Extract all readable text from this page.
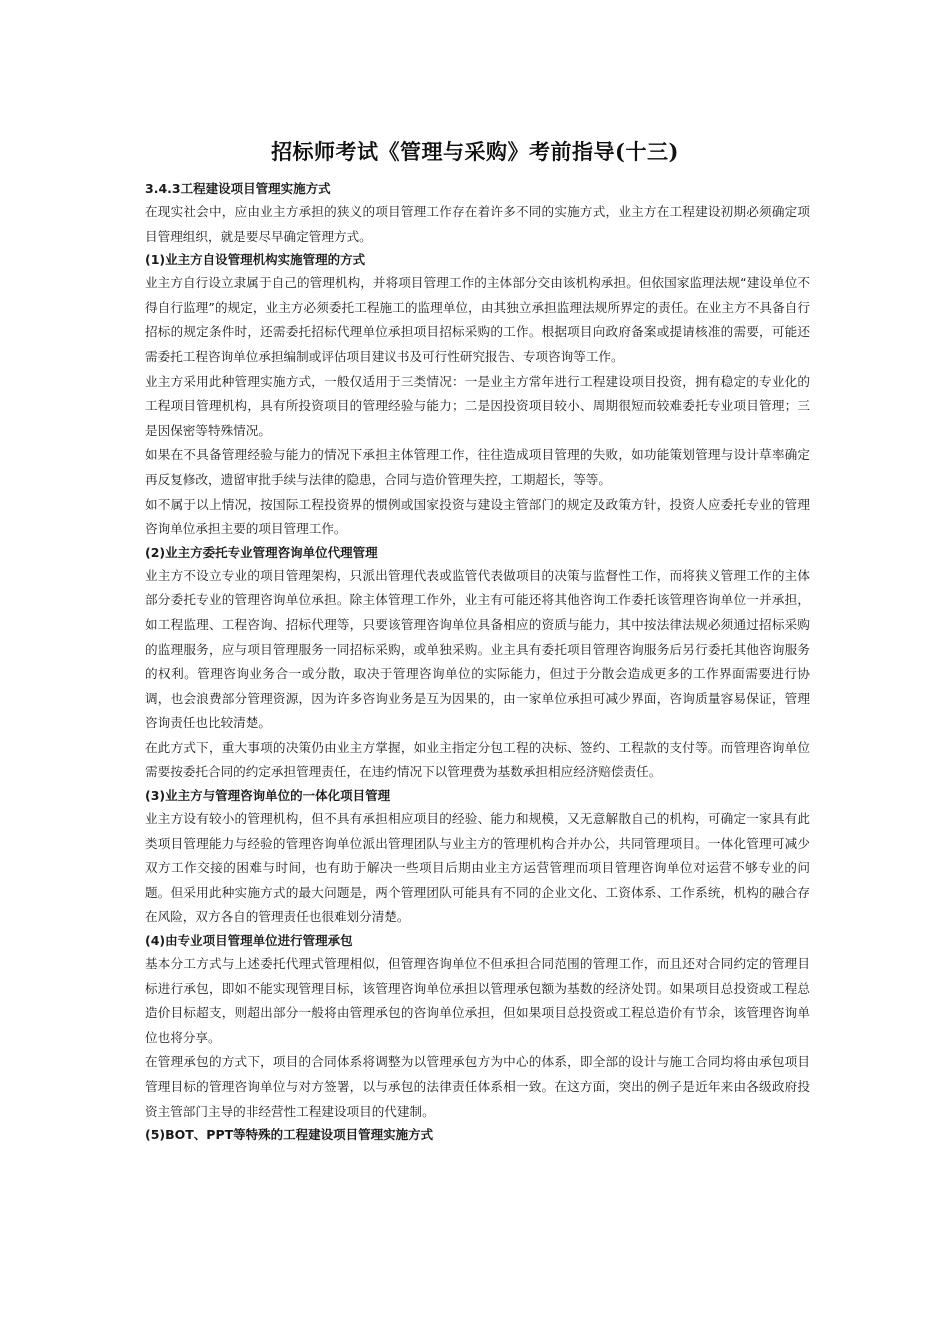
招标师考试《管理与采购》考前指导(十三)

3.4.3工程建设项目管理实施方式

在现实社会中，应由业主方承担的狭义的项目管理工作存在着许多不同的实施方式，业主方在工程建设初期必须确定项目管理组织，就是要尽早确定管理方式。

(1)业主方自设管理机构实施管理的方式

业主方自行设立隶属于自己的管理机构，并将项目管理工作的主体部分交由该机构承担。但依国家监理法规“建设单位不得自行监理”的规定，业主方必须委托工程施工的监理单位，由其独立承担监理法规所界定的责任。在业主方不具备自行招标的规定条件时，还需委托招标代理单位承担项目招标采购的工作。根据项目向政府备案或提请核准的需要，可能还需委托工程咨询单位承担编制或评估项目建议书及可行性研究报告、专项咨询等工作。

业主方采用此种管理实施方式，一般仅适用于三类情况：一是业主方常年进行工程建设项目投资，拥有稳定的专业化的工程项目管理机构，具有所投资项目的管理经验与能力；二是因投资项目较小、周期很短而较难委托专业项目管理；三是因保密等特殊情况。

如果在不具备管理经验与能力的情况下承担主体管理工作，往往造成项目管理的失败，如功能策划管理与设计草率确定再反复修改，遗留审批手续与法律的隐患，合同与造价管理失控，工期超长，等等。

如不属于以上情况，按国际工程投资界的惯例或国家投资与建设主管部门的规定及政策方针，投资人应委托专业的管理咨询单位承担主要的项目管理工作。

(2)业主方委托专业管理咨询单位代理管理

业主方不设立专业的项目管理架构，只派出管理代表或监管代表做项目的决策与监督性工作，而将狭义管理工作的主体部分委托专业的管理咨询单位承担。除主体管理工作外，业主有可能还将其他咨询工作委托该管理咨询单位一并承担，如工程监理、工程咨询、招标代理等，只要该管理咨询单位具备相应的资质与能力，其中按法律法规必须通过招标采购的监理服务，应与项目管理服务一同招标采购，或单独采购。业主具有委托项目管理咨询服务后另行委托其他咨询服务的权利。管理咨询业务合一或分散，取决于管理咨询单位的实际能力，但过于分散会造成更多的工作界面需要进行协调，也会浪费部分管理资源，因为许多咨询业务是互为因果的，由一家单位承担可减少界面，咨询质量容易保证，管理咨询责任也比较清楚。

在此方式下，重大事项的决策仍由业主方掌握，如业主指定分包工程的决标、签约、工程款的支付等。而管理咨询单位需要按委托合同的约定承担管理责任，在违约情况下以管理费为基数承担相应经济赔偿责任。

(3)业主方与管理咨询单位的一体化项目管理

业主方设有较小的管理机构，但不具有承担相应项目的经验、能力和规模，又无意解散自己的机构，可确定一家具有此类项目管理能力与经验的管理咨询单位派出管理团队与业主方的管理机构合并办公，共同管理项目。一体化管理可减少双方工作交接的困难与时间，也有助于解决一些项目后期由业主方运营管理而项目管理咨询单位对运营不够专业的问题。但采用此种实施方式的最大问题是，两个管理团队可能具有不同的企业文化、工资体系、工作系统，机构的融合存在风险，双方各自的管理责任也很难划分清楚。

(4)由专业项目管理单位进行管理承包

基本分工方式与上述委托代理式管理相似，但管理咨询单位不但承担合同范围的管理工作，而且还对合同约定的管理目标进行承包，即如不能实现管理目标，该管理咨询单位承担以管理承包额为基数的经济处罚。如果项目总投资或工程总造价目标超支，则超出部分一般将由管理承包的咨询单位承担，但如果项目总投资或工程总造价有节余，该管理咨询单位也将分享。

在管理承包的方式下，项目的合同体系将调整为以管理承包方为中心的体系，即全部的设计与施工合同均将由承包项目管理目标的管理咨询单位与对方签署，以与承包的法律责任体系相一致。在这方面，突出的例子是近年来由各级政府投资主管部门主导的非经营性工程建设项目的代建制。

(5)BOT、PPT等特殊的工程建设项目管理实施方式
